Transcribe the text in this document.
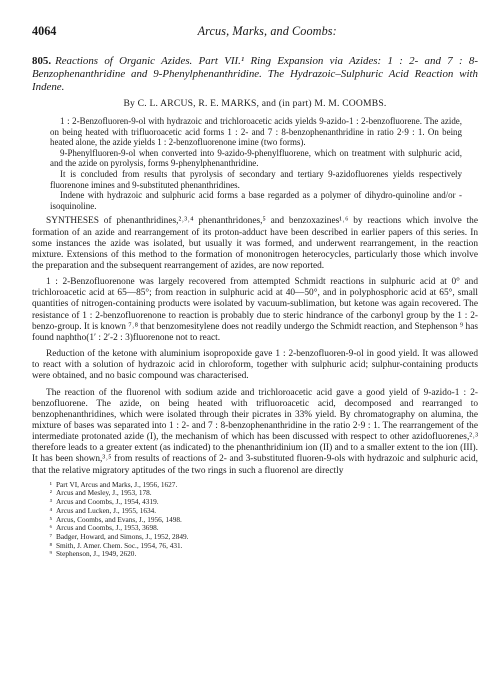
4064	Arcus, Marks, and Coombs:
805. Reactions of Organic Azides. Part VII.¹ Ring Expansion via Azides: 1 : 2- and 7 : 8-Benzophenanthridine and 9-Phenylphenanthridine. The Hydrazoic–Sulphuric Acid Reaction with Indene.
By C. L. ARCUS, R. E. MARKS, and (in part) M. M. COOMBS.

1 : 2-Benzofluoren-9-ol with hydrazoic and trichloroacetic acids yields 9-azido-1 : 2-benzofluorene. The azide, on being heated with trifluoroacetic acid forms 1 : 2- and 7 : 8-benzophenanthridine in ratio 2·9 : 1. On being heated alone, the azide yields 1 : 2-benzofluorenone imine (two forms).

9-Phenylfluoren-9-ol when converted into 9-azido-9-phenylfluorene, which on treatment with sulphuric acid, and the azide on pyrolysis, forms 9-phenylphenanthridine.

It is concluded from results that pyrolysis of secondary and tertiary 9-azidofluorenes yields respectively fluorenone imines and 9-substituted phenanthridines.

Indene with hydrazoic and sulphuric acid forms a base regarded as a polymer of dihydro-quinoline and/or -isoquinoline.

SYNTHESES of phenanthridines,²˒³˒⁴ phenanthridones,⁵ and benzoxazines¹˒⁶ by reactions which involve the formation of an azide and rearrangement of its proton-adduct have been described in earlier papers of this series. In some instances the azide was isolated, but usually it was formed, and underwent rearrangement, in the reaction mixture. Extensions of this method to the formation of mononitrogen heterocycles, particularly those which involve the preparation and the subsequent rearrangement of azides, are now reported.

1 : 2-Benzofluorenone was largely recovered from attempted Schmidt reactions in sulphuric acid at 0° and trichloroacetic acid at 65—85°; from reaction in sulphuric acid at 40—50°, and in polyphosphoric acid at 65°, small quantities of nitrogen-containing products were isolated by vacuum-sublimation, but ketone was again recovered. The resistance of 1 : 2-benzofluorenone to reaction is probably due to steric hindrance of the carbonyl group by the 1 : 2-benzo-group. It is known ⁷˒⁸ that benzomesitylene does not readily undergo the Schmidt reaction, and Stephenson ⁹ has found naphtho(1′ : 2′-2 : 3)fluorenone not to react.

Reduction of the ketone with aluminium isopropoxide gave 1 : 2-benzofluoren-9-ol in good yield. It was allowed to react with a solution of hydrazoic acid in chloroform, together with sulphuric acid; sulphur-containing products were obtained, and no basic compound was characterised.

The reaction of the fluorenol with sodium azide and trichloroacetic acid gave a good yield of 9-azido-1 : 2-benzofluorene. The azide, on being heated with trifluoroacetic acid, decomposed and rearranged to benzophenanthridines, which were isolated through their picrates in 33% yield. By chromatography on alumina, the mixture of bases was separated into 1 : 2- and 7 : 8-benzophenanthridine in the ratio 2·9 : 1. The rearrangement of the intermediate protonated azide (I), the mechanism of which has been discussed with respect to other azidofluorenes,²˒³ therefore leads to a greater extent (as indicated) to the phenanthridinium ion (II) and to a smaller extent to the ion (III). It has been shown,³˒⁵ from results of reactions of 2- and 3-substituted fluoren-9-ols with hydrazoic and sulphuric acid, that the relative migratory aptitudes of the two rings in such a fluorenol are directly

¹ Part VI, Arcus and Marks, J., 1956, 1627.
² Arcus and Mesley, J., 1953, 178.
³ Arcus and Coombs, J., 1954, 4319.
⁴ Arcus and Lucken, J., 1955, 1634.
⁵ Arcus, Coombs, and Evans, J., 1956, 1498.
⁶ Arcus and Coombs, J., 1953, 3698.
⁷ Badger, Howard, and Simons, J., 1952, 2849.
⁸ Smith, J. Amer. Chem. Soc., 1954, 76, 431.
⁹ Stephenson, J., 1949, 2620.
